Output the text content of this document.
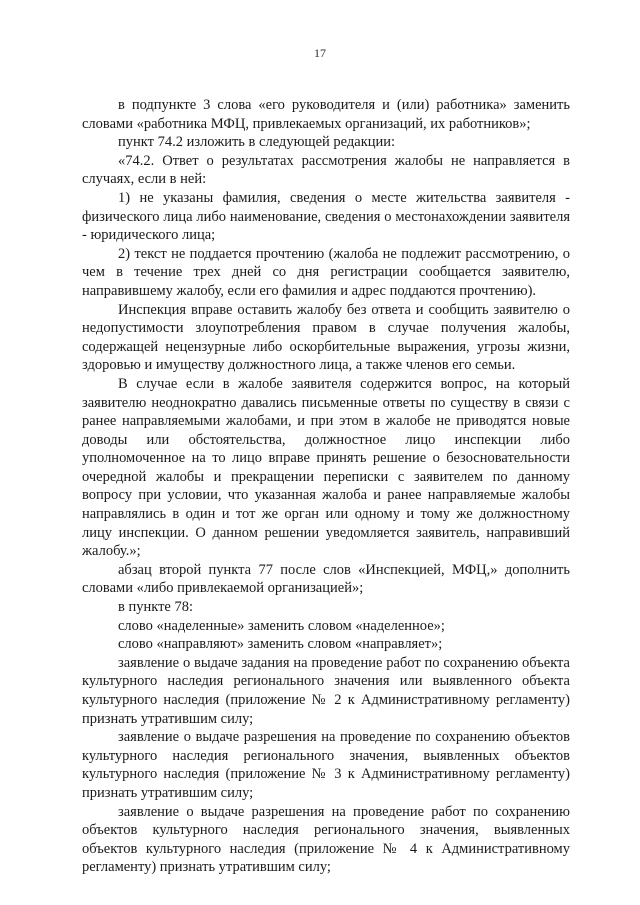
17

в подпункте 3 слова «его руководителя и (или) работника» заменить словами «работника МФЦ, привлекаемых организаций, их работников»;

пункт 74.2 изложить в следующей редакции:

«74.2. Ответ о результатах рассмотрения жалобы не направляется в случаях, если в ней:

1) не указаны фамилия, сведения о месте жительства заявителя - физического лица либо наименование, сведения о местонахождении заявителя - юридического лица;

2) текст не поддается прочтению (жалоба не подлежит рассмотрению, о чем в течение трех дней со дня регистрации сообщается заявителю, направившему жалобу, если его фамилия и адрес поддаются прочтению).

Инспекция вправе оставить жалобу без ответа и сообщить заявителю о недопустимости злоупотребления правом в случае получения жалобы, содержащей нецензурные либо оскорбительные выражения, угрозы жизни, здоровью и имуществу должностного лица, а также членов его семьи.

В случае если в жалобе заявителя содержится вопрос, на который заявителю неоднократно давались письменные ответы по существу в связи с ранее направляемыми жалобами, и при этом в жалобе не приводятся новые доводы или обстоятельства, должностное лицо инспекции либо уполномоченное на то лицо вправе принять решение о безосновательности очередной жалобы и прекращении переписки с заявителем по данному вопросу при условии, что указанная жалоба и ранее направляемые жалобы направлялись в один и тот же орган или одному и тому же должностному лицу инспекции. О данном решении уведомляется заявитель, направивший жалобу.»;

абзац второй пункта 77 после слов «Инспекцией, МФЦ,» дополнить словами «либо привлекаемой организацией»;

в пункте 78:

слово «наделенные» заменить словом «наделенное»;

слово «направляют» заменить словом «направляет»;

заявление о выдаче задания на проведение работ по сохранению объекта культурного наследия регионального значения или выявленного объекта культурного наследия (приложение № 2 к Административному регламенту) признать утратившим силу;

заявление о выдаче разрешения на проведение по сохранению объектов культурного наследия регионального значения, выявленных объектов культурного наследия (приложение № 3 к Административному регламенту) признать утратившим силу;

заявление о выдаче разрешения на проведение работ по сохранению объектов культурного наследия регионального значения, выявленных объектов культурного наследия (приложение № 4 к Административному регламенту) признать утратившим силу;
